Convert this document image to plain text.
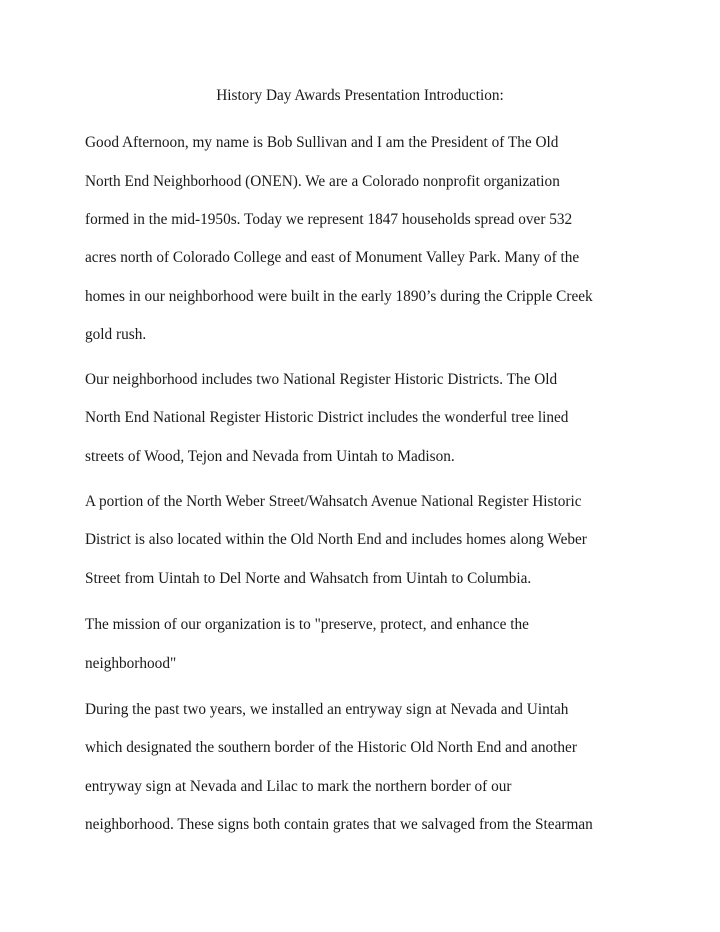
History Day Awards Presentation Introduction:
Good Afternoon, my name is Bob Sullivan and I am the President of The Old
North End Neighborhood (ONEN). We are a Colorado nonprofit organization
formed in the mid-1950s. Today we represent 1847 households spread over 532
acres north of Colorado College and east of Monument Valley Park. Many of the
homes in our neighborhood were built in the early 1890’s during the Cripple Creek
gold rush.
Our neighborhood includes two National Register Historic Districts. The Old
North End National Register Historic District includes the wonderful tree lined
streets of Wood, Tejon and Nevada from Uintah to Madison.
A portion of the North Weber Street/Wahsatch Avenue National Register Historic
District is also located within the Old North End and includes homes along Weber
Street from Uintah to Del Norte and Wahsatch from Uintah to Columbia.
The mission of our organization is to "preserve, protect, and enhance the
neighborhood"
During the past two years, we installed an entryway sign at Nevada and Uintah
which designated the southern border of the Historic Old North End and another
entryway sign at Nevada and Lilac to mark the northern border of our
neighborhood. These signs both contain grates that we salvaged from the Stearman
